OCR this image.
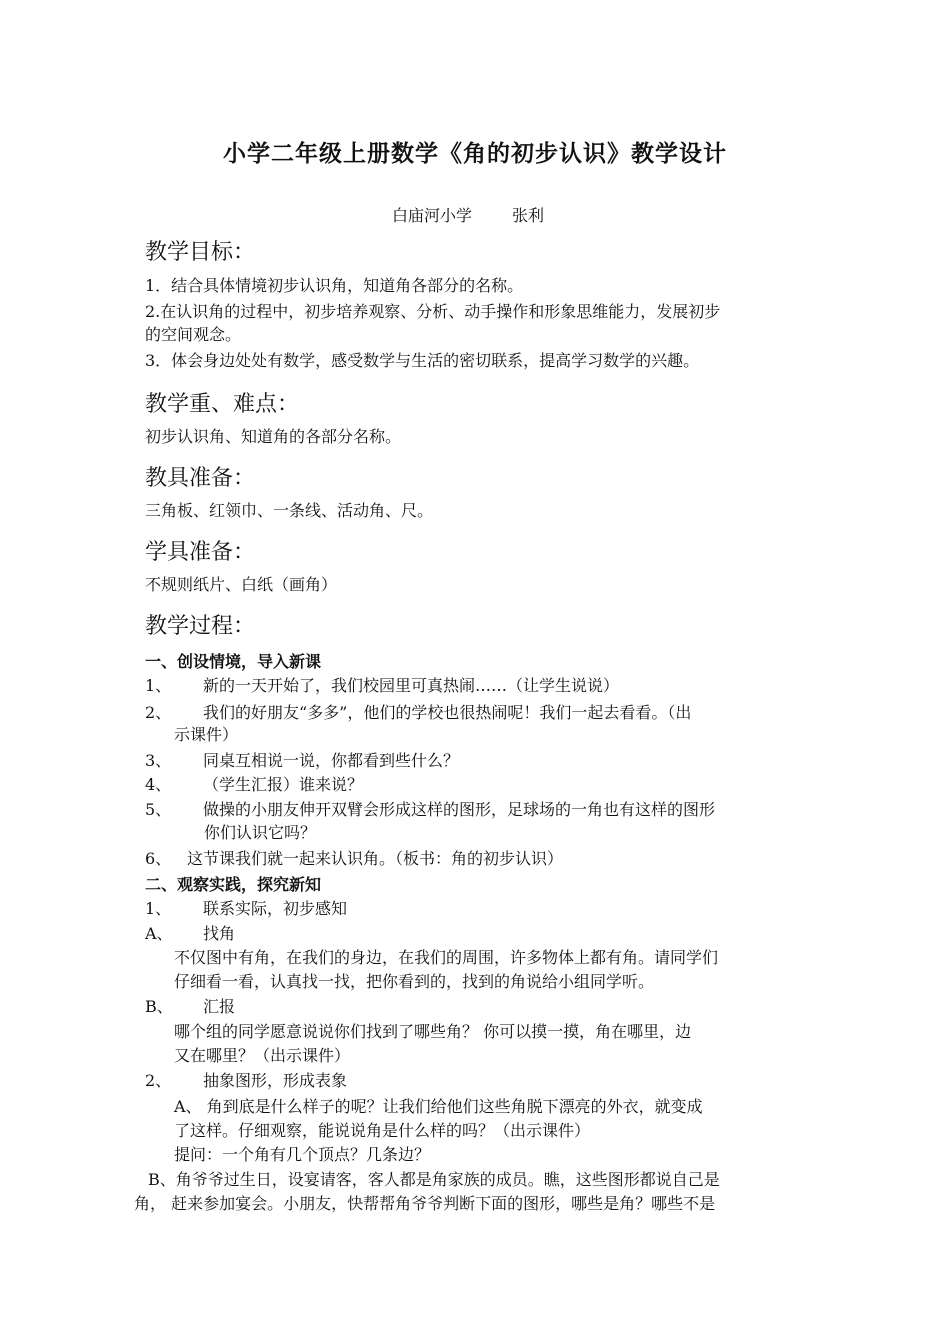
小学二年级上册数学《角的初步认识》教学设计
白庙河小学	张利
教学目标：
1．结合具体情境初步认识角，知道角各部分的名称。
2.在认识角的过程中，初步培养观察、分析、动手操作和形象思维能力，发展初步
的空间观念。
3．体会身边处处有数学，感受数学与生活的密切联系，提高学习数学的兴趣。
教学重、难点：
初步认识角、知道角的各部分名称。
教具准备：
三角板、红领巾、一条线、活动角、尺。
学具准备：
不规则纸片、白纸（画角）
教学过程：
一、创设情境，导入新课
1、 新的一天开始了，我们校园里可真热闹……（让学生说说）
2、 我们的好朋友“多多”，他们的学校也很热闹呢！我们一起去看看。（出
示课件）
3、 同桌互相说一说，你都看到些什么？
4、 （学生汇报）谁来说？
5、 做操的小朋友伸开双臂会形成这样的图形，足球场的一角也有这样的图形
你们认识它吗？
6、 这节课我们就一起来认识角。（板书：角的初步认识）
二、观察实践，探究新知
1、 联系实际，初步感知
A、 找角
不仅图中有角，在我们的身边，在我们的周围，许多物体上都有角。请同学们
仔细看一看，认真找一找，把你看到的，找到的角说给小组同学听。
B、 汇报
哪个组的同学愿意说说你们找到了哪些角？ 你可以摸一摸，角在哪里，边
又在哪里？（出示课件）
2、 抽象图形，形成表象
A、 角到底是什么样子的呢？让我们给他们这些角脱下漂亮的外衣，就变成
了这样。仔细观察，能说说角是什么样的吗？（出示课件）
提问：一个角有几个顶点？几条边？
B、角爷爷过生日，设宴请客，客人都是角家族的成员。瞧，这些图形都说自己是
角， 赶来参加宴会。小朋友，快帮帮角爷爷判断下面的图形，哪些是角？哪些不是
